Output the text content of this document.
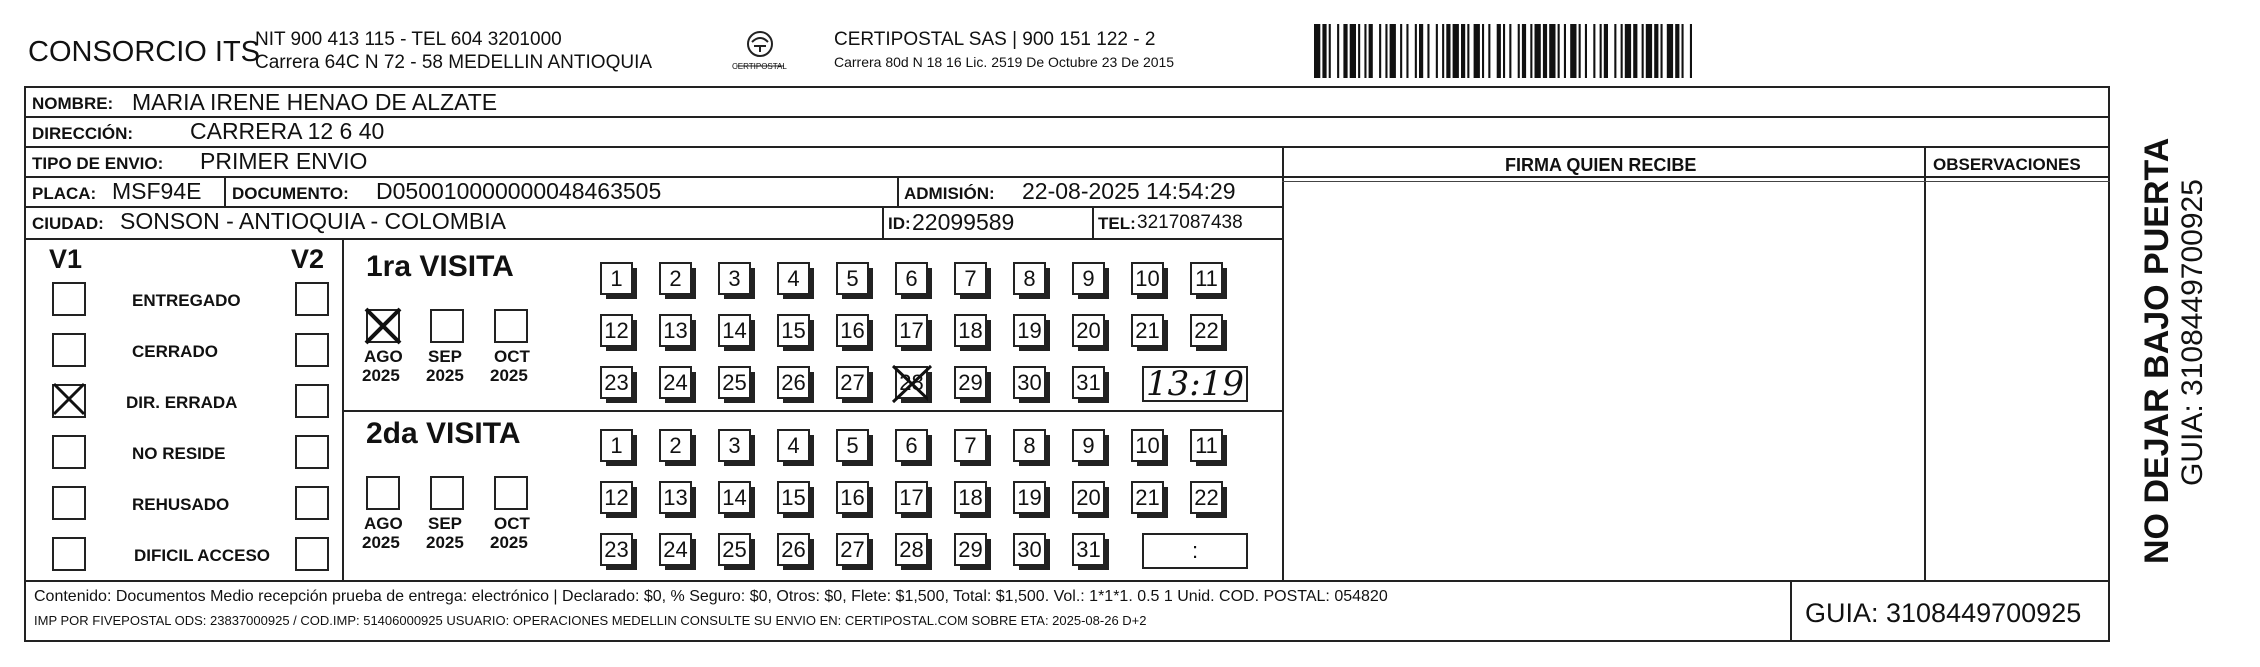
CONSORCIO ITS
NIT 900 413 115 - TEL 604 3201000
Carrera 64C N 72 - 58 MEDELLIN ANTIOQUIA	CERTIPOSTAL
CERTIPOSTAL SAS | 900 151 122 - 2
Carrera 80d N 18 16 Lic. 2519 De Octubre 23 De 2015
NOMBRE: MARIA IRENE HENAO DE ALZATE
DIRECCIÓN: CARRERA 12 6 40
TIPO DE ENVIO: PRIMER ENVIO
PLACA: MSF94E DOCUMENTO: D050010000000048463505	ADMISIÓN: 22-08-2025 14:54:29
CIUDAD: SONSON - ANTIOQUIA - COLOMBIA	ID: 22099589	TEL: 3217087438
FIRMA QUIEN RECIBE	OBSERVACIONES
V1	V2
ENTREGADO
CERRADO
DIR. ERRADA
NO RESIDE
REHUSADO
DIFICIL ACCESO
1ra VISITA
AGO
2025
SEP
2025
OCT
2025
1 2 3 4 5 6 7 8 9 10 11
12 13 14 15 16 17 18 19 20 21 22
23 24 25 26 27 28 29 30 31 13:19
2da VISITA
AGO
2025
SEP
2025
OCT
2025
1 2 3 4 5 6 7 8 9 10 11
12 13 14 15 16 17 18 19 20 21 22
23 24 25 26 27 28 29 30 31	:
Contenido: Documentos Medio recepción prueba de entrega: electrónico | Declarado: $0, % Seguro: $0, Otros: $0, Flete: $1,500, Total: $1,500. Vol.: 1*1*1. 0.5 1 Unid. COD. POSTAL: 054820
IMP POR FIVEPOSTAL ODS: 23837000925 / COD.IMP: 51406000925 USUARIO: OPERACIONES MEDELLIN CONSULTE SU ENVIO EN: CERTIPOSTAL.COM SOBRE ETA: 2025-08-26 D+2	GUIA: 3108449700925
NO DEJAR BAJO PUERTA GUIA: 3108449700925
